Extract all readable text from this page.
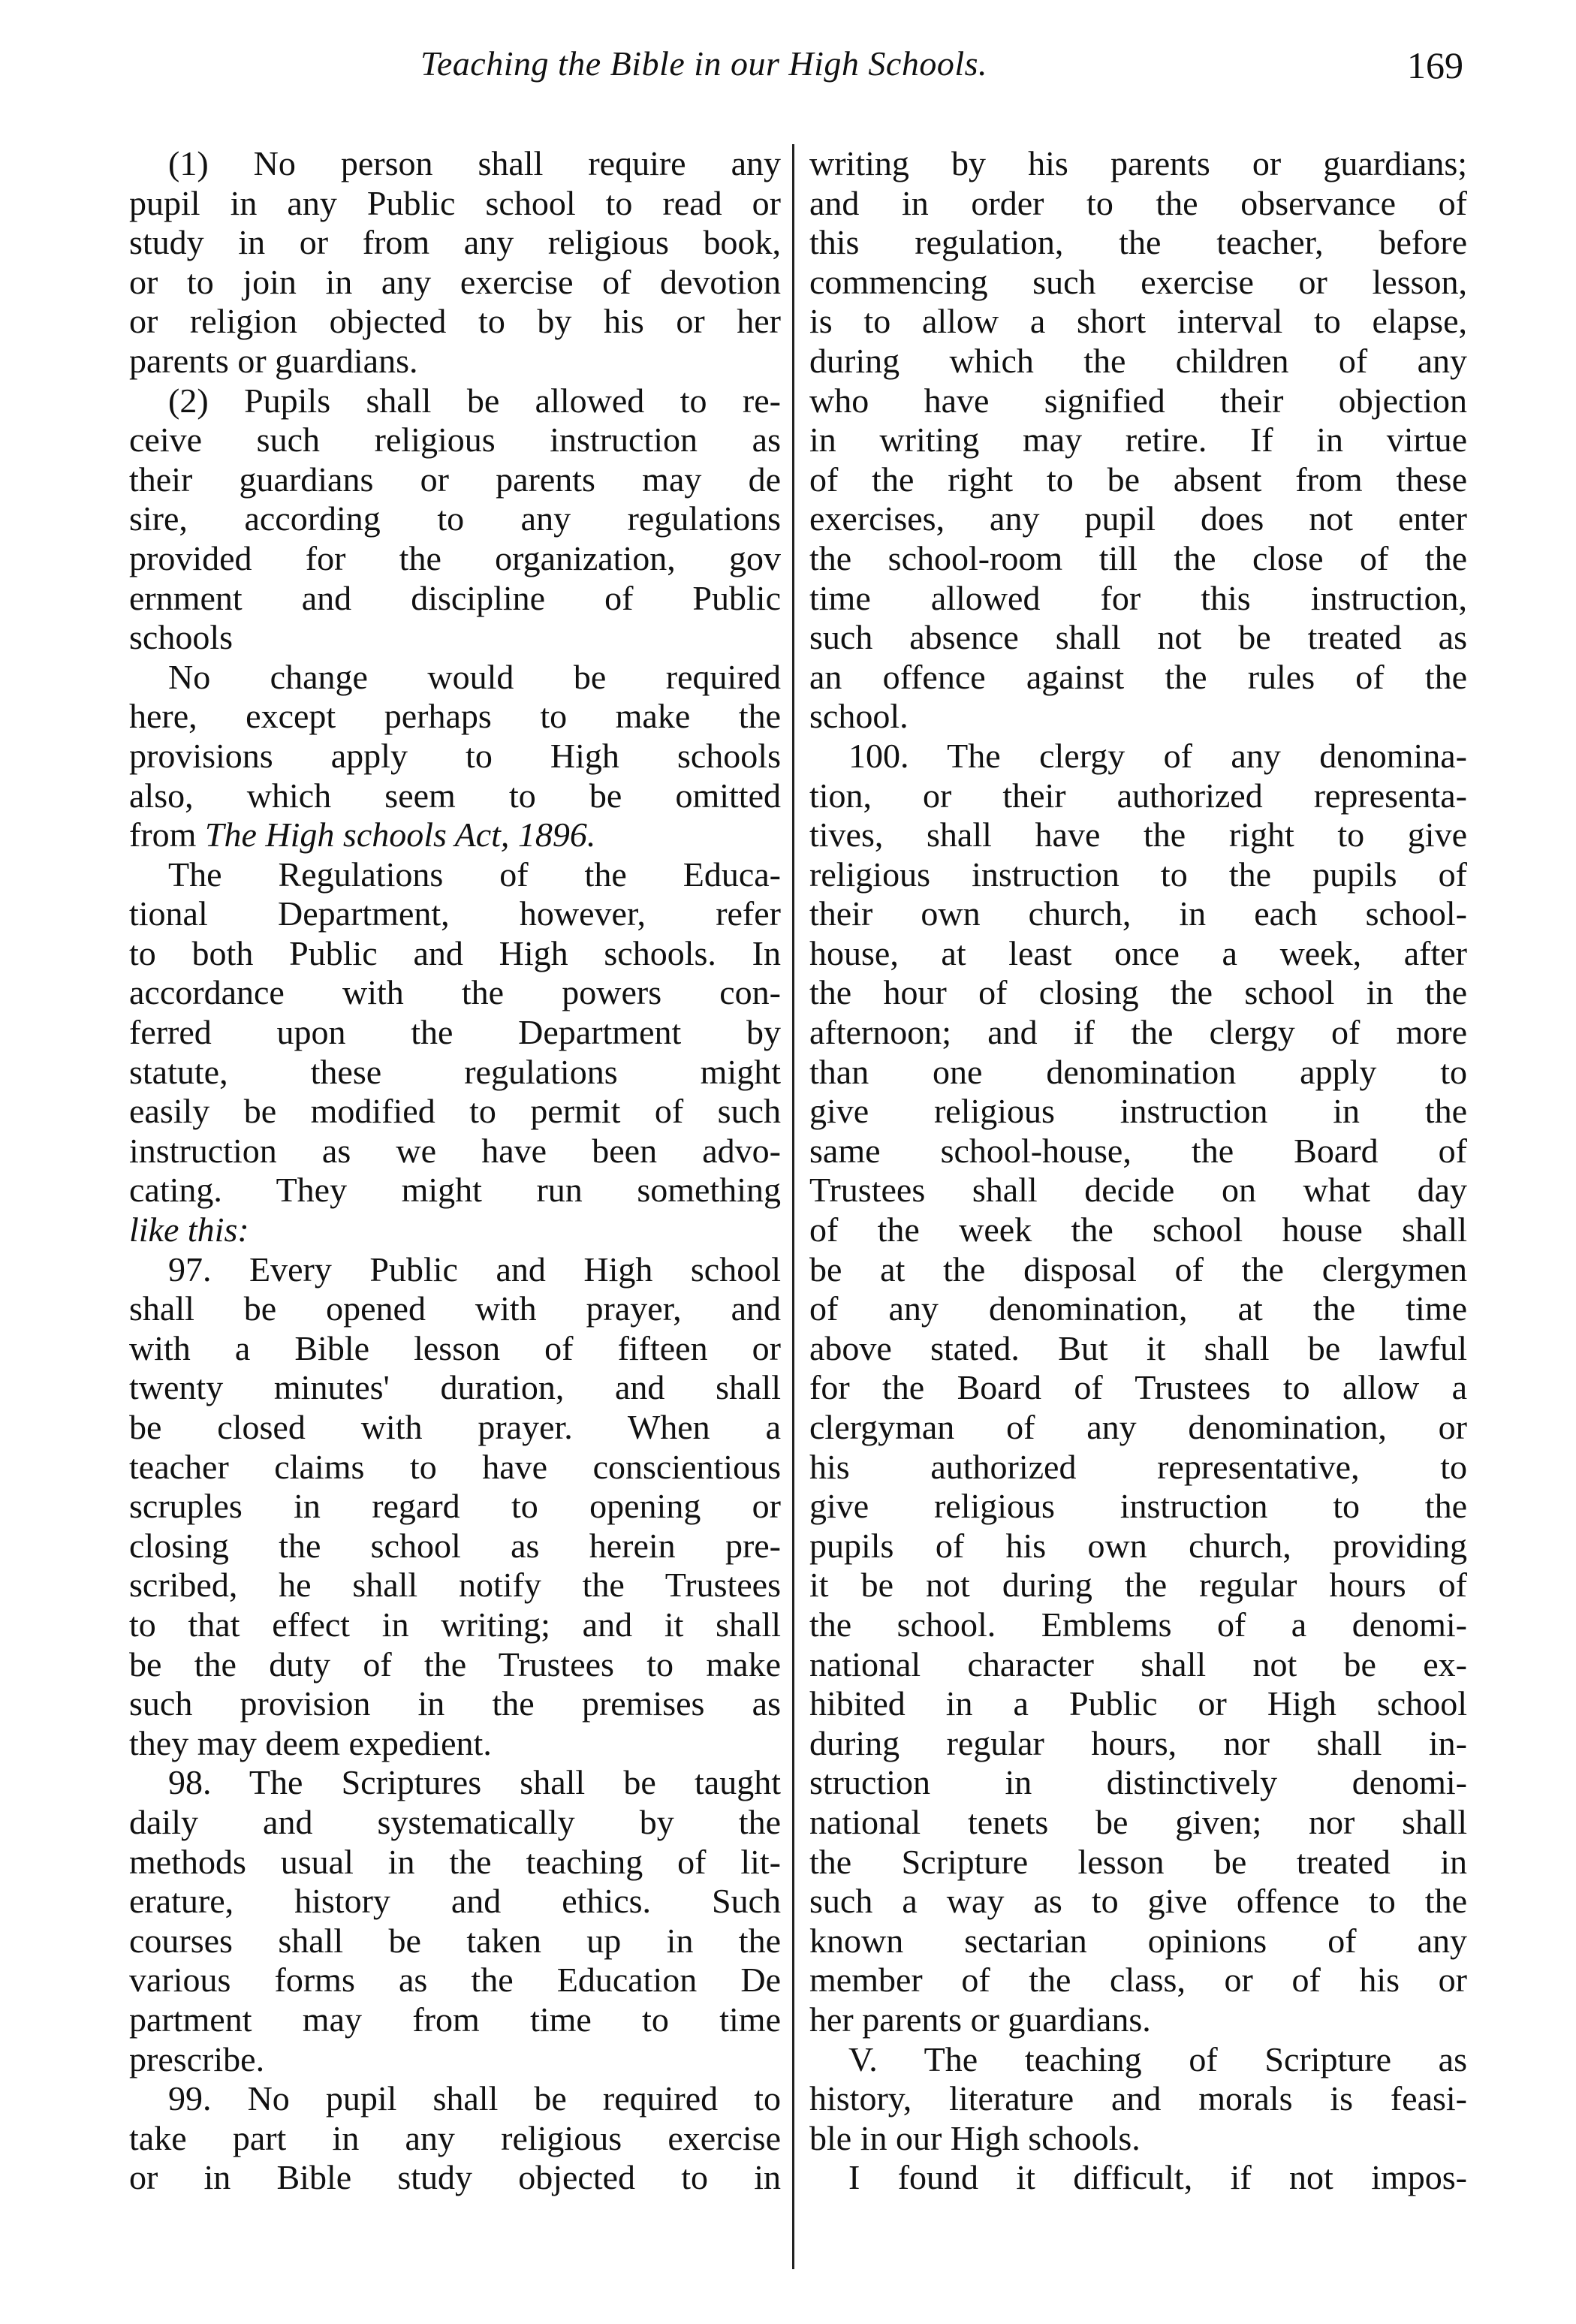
Teaching the Bible in our High Schools.	169
(1) No person shall require any
pupil in any Public school to read or
study in or from any religious book,
or to join in any exercise of devotion
or religion objected to by his or her
parents or guardians.
(2) Pupils shall be allowed to re-
ceive such religious instruction as
their guardians or parents may de
sire, according to any regulations
provided for the organization, gov
ernment and discipline of Public
schools
No change would be required
here, except perhaps to make the
provisions apply to High schools
also, which seem to be omitted
from The High schools Act, 1896.
The Regulations of the Educa-
tional Department, however, refer
to both Public and High schools. In
accordance with the powers con-
ferred upon the Department by
statute, these regulations might
easily be modified to permit of such
instruction as we have been advo-
cating. They might run something
like this:
97. Every Public and High school
shall be opened with prayer, and
with a Bible lesson of fifteen or
twenty minutes' duration, and shall
be closed with prayer. When a
teacher claims to have conscientious
scruples in regard to opening or
closing the school as herein pre-
scribed, he shall notify the Trustees
to that effect in writing; and it shall
be the duty of the Trustees to make
such provision in the premises as
they may deem expedient.
98. The Scriptures shall be taught
daily and systematically by the
methods usual in the teaching of lit-
erature, history and ethics. Such
courses shall be taken up in the
various forms as the Education De
partment may from time to time
prescribe.
99. No pupil shall be required to
take part in any religious exercise
or in Bible study objected to in
writing by his parents or guardians;
and in order to the observance of
this regulation, the teacher, before
commencing such exercise or lesson,
is to allow a short interval to elapse,
during which the children of any
who have signified their objection
in writing may retire. If in virtue
of the right to be absent from these
exercises, any pupil does not enter
the school-room till the close of the
time allowed for this instruction,
such absence shall not be treated as
an offence against the rules of the
school.
100. The clergy of any denomina-
tion, or their authorized representa-
tives, shall have the right to give
religious instruction to the pupils of
their own church, in each school-
house, at least once a week, after
the hour of closing the school in the
afternoon; and if the clergy of more
than one denomination apply to
give religious instruction in the
same school-house, the Board of
Trustees shall decide on what day
of the week the school house shall
be at the disposal of the clergymen
of any denomination, at the time
above stated. But it shall be lawful
for the Board of Trustees to allow a
clergyman of any denomination, or
his authorized representative, to
give religious instruction to the
pupils of his own church, providing
it be not during the regular hours of
the school. Emblems of a denomi-
national character shall not be ex-
hibited in a Public or High school
during regular hours, nor shall in-
struction in distinctively denomi-
national tenets be given; nor shall
the Scripture lesson be treated in
such a way as to give offence to the
known sectarian opinions of any
member of the class, or of his or
her parents or guardians.
V. The teaching of Scripture as
history, literature and morals is feasi-
ble in our High schools.
I found it difficult, if not impos-
